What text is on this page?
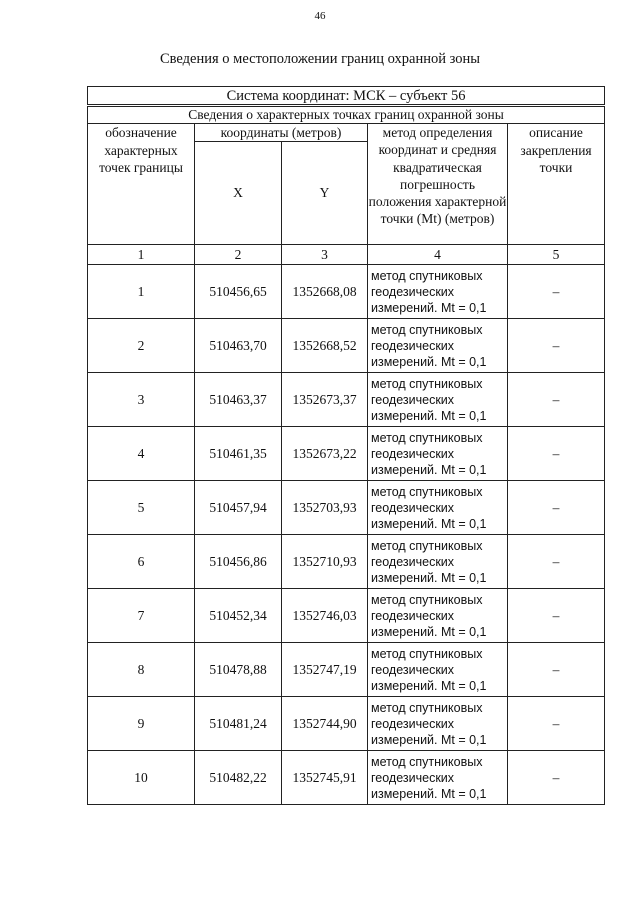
46
Сведения о местоположении границ охранной зоны
Система координат: МСК – субъект 56				
Сведения о характерных точках границ охранной зоны				
обозначение характерных точек границы	координаты (метров)		метод определения координат и средняя квадратическая погрешность положения характерной точки (Mt) (метров)	описание закрепления точки
	X	Y		
1	2	3	4	5
1	510456,65	1352668,08	метод спутниковых геодезических измерений. Mt = 0,1	–
2	510463,70	1352668,52	метод спутниковых геодезических измерений. Mt = 0,1	–
3	510463,37	1352673,37	метод спутниковых геодезических измерений. Mt = 0,1	–
4	510461,35	1352673,22	метод спутниковых геодезических измерений. Mt = 0,1	–
5	510457,94	1352703,93	метод спутниковых геодезических измерений. Mt = 0,1	–
6	510456,86	1352710,93	метод спутниковых геодезических измерений. Mt = 0,1	–
7	510452,34	1352746,03	метод спутниковых геодезических измерений. Mt = 0,1	–
8	510478,88	1352747,19	метод спутниковых геодезических измерений. Mt = 0,1	–
9	510481,24	1352744,90	метод спутниковых геодезических измерений. Mt = 0,1	–
10	510482,22	1352745,91	метод спутниковых геодезических измерений. Mt = 0,1	–
